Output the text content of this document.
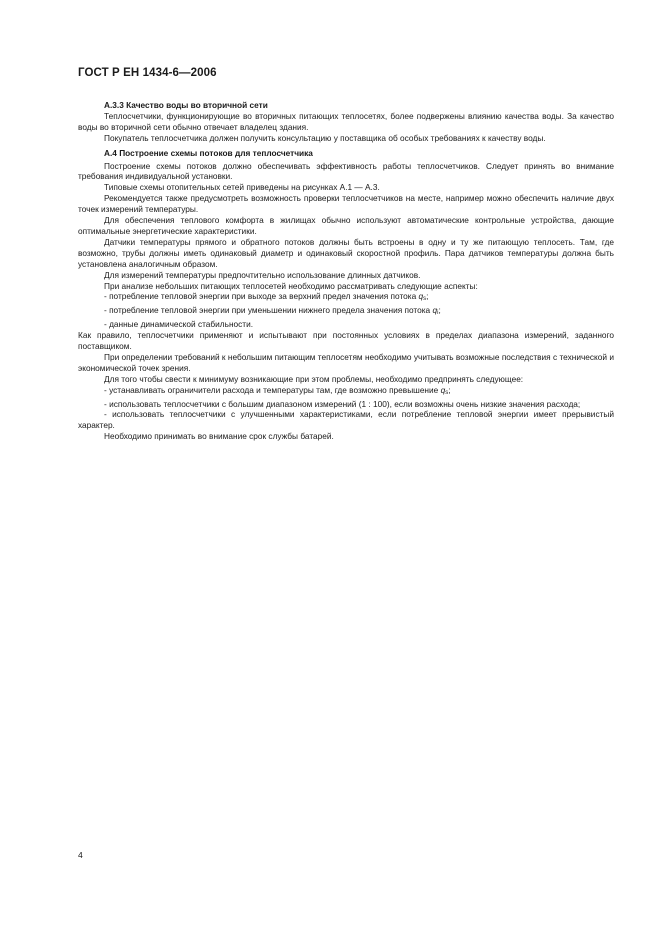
ГОСТ Р ЕН 1434-6—2006
А.3.3 Качество воды во вторичной сети

Теплосчетчики, функционирующие во вторичных питающих теплосетях, более подвержены влиянию качества воды. За качество воды во вторичной сети обычно отвечает владелец здания.

Покупатель теплосчетчика должен получить консультацию у поставщика об особых требованиях к качеству воды.

А.4 Построение схемы потоков для теплосчетчика

Построение схемы потоков должно обеспечивать эффективность работы теплосчетчиков. Следует принять во внимание требования индивидуальной установки.

Типовые схемы отопительных сетей приведены на рисунках А.1 — А.3.

Рекомендуется также предусмотреть возможность проверки теплосчетчиков на месте, например можно обеспечить наличие двух точек измерений температуры.

Для обеспечения теплового комфорта в жилищах обычно используют автоматические контрольные устройства, дающие оптимальные энергетические характеристики.

Датчики температуры прямого и обратного потоков должны быть встроены в одну и ту же питающую теплосеть. Там, где возможно, трубы должны иметь одинаковый диаметр и одинаковый скоростной профиль. Пара датчиков температуры должна быть установлена аналогичным образом.

Для измерений температуры предпочтительно использование длинных датчиков.

При анализе небольших питающих теплосетей необходимо рассматривать следующие аспекты:

- потребление тепловой энергии при выходе за верхний предел значения потока qs;

- потребление тепловой энергии при уменьшении нижнего предела значения потока qi;

- данные динамической стабильности.

Как правило, теплосчетчики применяют и испытывают при постоянных условиях в пределах диапазона измерений, заданного поставщиком.

При определении требований к небольшим питающим теплосетям необходимо учитывать возможные последствия с технической и экономической точек зрения.

Для того чтобы свести к минимуму возникающие при этом проблемы, необходимо предпринять следующее:

- устанавливать ограничители расхода и температуры там, где возможно превышение qs;

- использовать теплосчетчики с большим диапазоном измерений (1 : 100), если возможны очень низкие значения расхода;

- использовать теплосчетчики с улучшенными характеристиками, если потребление тепловой энергии имеет прерывистый характер.

Необходимо принимать во внимание срок службы батарей.

4
